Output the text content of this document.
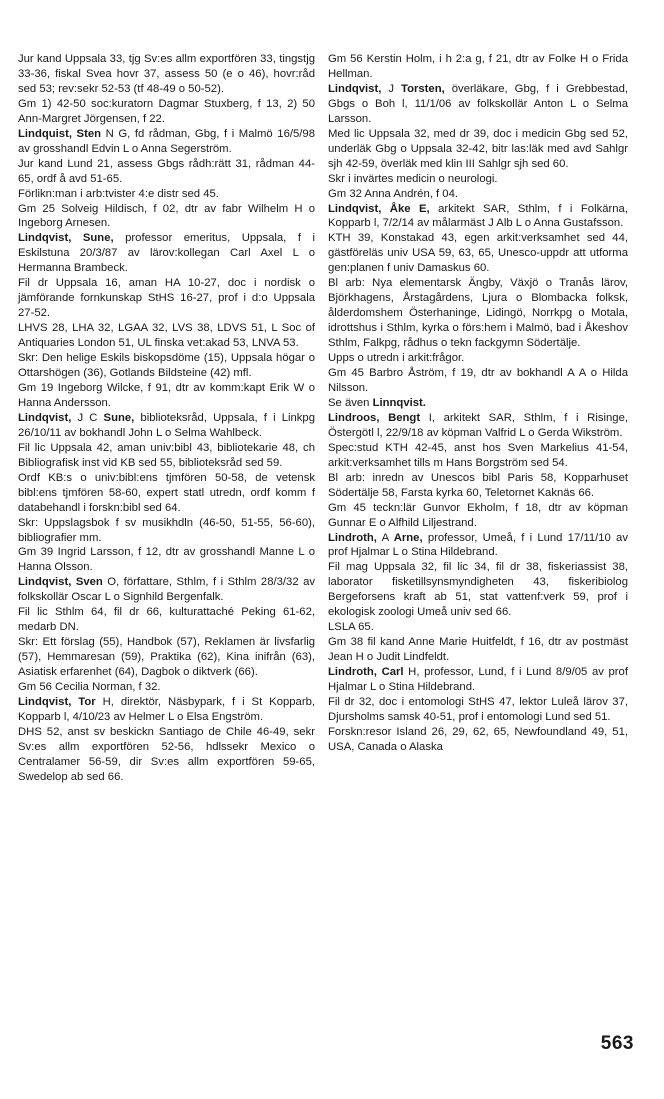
Jur kand Uppsala 33, tjg Sv:es allm exportfören 33, tingstjg 33-36, fiskal Svea hovr 37, assess 50 (e o 46), hovr:råd sed 53; rev:sekr 52-53 (tf 48-49 o 50-52).

Gm 1) 42-50 soc:kuratorn Dagmar Stuxberg, f 13, 2) 50 Ann-Margret Jörgensen, f 22.

Lindquist, Sten N G, fd rådman, Gbg, f i Malmö 16/5/98 av grosshandl Edvin L o Anna Segerström.

Jur kand Lund 21, assess Gbgs rådh:rätt 31, rådman 44-65, ordf å avd 51-65.

Förlikn:man i arb:tvister 4:e distr sed 45.

Gm 25 Solveig Hildisch, f 02, dtr av fabr Wilhelm H o Ingeborg Arnesen.

Lindqvist, Sune, professor emeritus, Uppsala, f i Eskilstuna 20/3/87 av lärov:kollegan Carl Axel L o Hermanna Brambeck.

Fil dr Uppsala 16, aman HA 10-27, doc i nordisk o jämförande fornkunskap StHS 16-27, prof i d:o Uppsala 27-52.

LHVS 28, LHA 32, LGAA 32, LVS 38, LDVS 51, L Soc of Antiquaries London 51, UL finska vet:akad 53, LNVA 53.

Skr: Den helige Eskils biskopsdöme (15), Uppsala högar o Ottarshögen (36), Gotlands Bildsteine (42) mfl.

Gm 19 Ingeborg Wilcke, f 91, dtr av komm:kapt Erik W o Hanna Andersson.

Lindqvist, J C Sune, biblioteksråd, Uppsala, f i Linkpg 26/10/11 av bokhandl John L o Selma Wahlbeck.

Fil lic Uppsala 42, aman univ:bibl 43, bibliotekarie 48, ch Bibliografisk inst vid KB sed 55, biblioteksråd sed 59.

Ordf KB:s o univ:bibl:ens tjmfören 50-58, de vetensk bibl:ens tjmfören 58-60, expert statl utredn, ordf komm f databehandl i forskn:bibl sed 64.

Skr: Uppslagsbok f sv musikhdln (46-50, 51-55, 56-60), bibliografier mm.

Gm 39 Ingrid Larsson, f 12, dtr av grosshandl Manne L o Hanna Olsson.

Lindqvist, Sven O, författare, Sthlm, f i Sthlm 28/3/32 av folkskollär Oscar L o Signhild Bergenfalk.

Fil lic Sthlm 64, fil dr 66, kulturattaché Peking 61-62, medarb DN.

Skr: Ett förslag (55), Handbok (57), Reklamen är livsfarlig (57), Hemmaresan (59), Praktika (62), Kina inifrån (63), Asiatisk erfarenhet (64), Dagbok o diktverk (66).

Gm 56 Cecilia Norman, f 32.

Lindqvist, Tor H, direktör, Näsbypark, f i St Kopparb, Kopparb l, 4/10/23 av Helmer L o Elsa Engström.

DHS 52, anst sv beskickn Santiago de Chile 46-49, sekr Sv:es allm exportfören 52-56, hdlssekr Mexico o Centralamer 56-59, dir Sv:es allm exportfören 59-65, Swedelop ab sed 66.

Gm 56 Kerstin Holm, i h 2:a g, f 21, dtr av Folke H o Frida Hellman.

Lindqvist, J Torsten, överläkare, Gbg, f i Grebbestad, Gbgs o Boh l, 11/1/06 av folkskollär Anton L o Selma Larsson.

Med lic Uppsala 32, med dr 39, doc i medicin Gbg sed 52, underläk Gbg o Uppsala 32-42, bitr las:läk med avd Sahlgr sjh 42-59, överläk med klin III Sahlgr sjh sed 60.

Skr i invärtes medicin o neurologi.

Gm 32 Anna Andrén, f 04.

Lindqvist, Åke E, arkitekt SAR, Sthlm, f i Folkärna, Kopparb l, 7/2/14 av målarmäst J Alb L o Anna Gustafsson.

KTH 39, Konstakad 43, egen arkit:verksamhet sed 44, gästföreläs univ USA 59, 63, 65, Unesco-uppdr att utforma gen:planen f univ Damaskus 60.

Bl arb: Nya elementarsk Ängby, Växjö o Tranås lärov, Björkhagens, Årstagårdens, Ljura o Blombacka folksk, ålderdomshem Österhaninge, Lidingö, Norrkpg o Motala, idrottshus i Sthlm, kyrka o förs:hem i Malmö, bad i Åkeshov Sthlm, Falkpg, rådhus o tekn fackgymn Södertälje.

Upps o utredn i arkit:frågor.

Gm 45 Barbro Åström, f 19, dtr av bokhandl A A o Hilda Nilsson.

Se även Linnqvist.

Lindroos, Bengt I, arkitekt SAR, Sthlm, f i Risinge, Östergötl l, 22/9/18 av köpman Valfrid L o Gerda Wikström.

Spec:stud KTH 42-45, anst hos Sven Markelius 41-54, arkit:verksamhet tills m Hans Borgström sed 54.

Bl arb: inredn av Unescos bibl Paris 58, Kopparhuset Södertälje 58, Farsta kyrka 60, Teletornet Kaknäs 66.

Gm 45 teckn:lär Gunvor Ekholm, f 18, dtr av köpman Gunnar E o Alfhild Liljestrand.

Lindroth, A Arne, professor, Umeå, f i Lund 17/11/10 av prof Hjalmar L o Stina Hildebrand.

Fil mag Uppsala 32, fil lic 34, fil dr 38, fiskeriassist 38, laborator fisketillsynsmyndigheten 43, fiskeribiolog Bergeforsens kraft ab 51, stat vattenf:verk 59, prof i ekologisk zoologi Umeå univ sed 66.

LSLA 65.

Gm 38 fil kand Anne Marie Huitfeldt, f 16, dtr av postmäst Jean H o Judit Lindfeldt.

Lindroth, Carl H, professor, Lund, f i Lund 8/9/05 av prof Hjalmar L o Stina Hildebrand.

Fil dr 32, doc i entomologi StHS 47, lektor Luleå lärov 37, Djursholms samsk 40-51, prof i entomologi Lund sed 51.

Forskn:resor Island 26, 29, 62, 65, Newfoundland 49, 51, USA, Canada o Alaska

563
